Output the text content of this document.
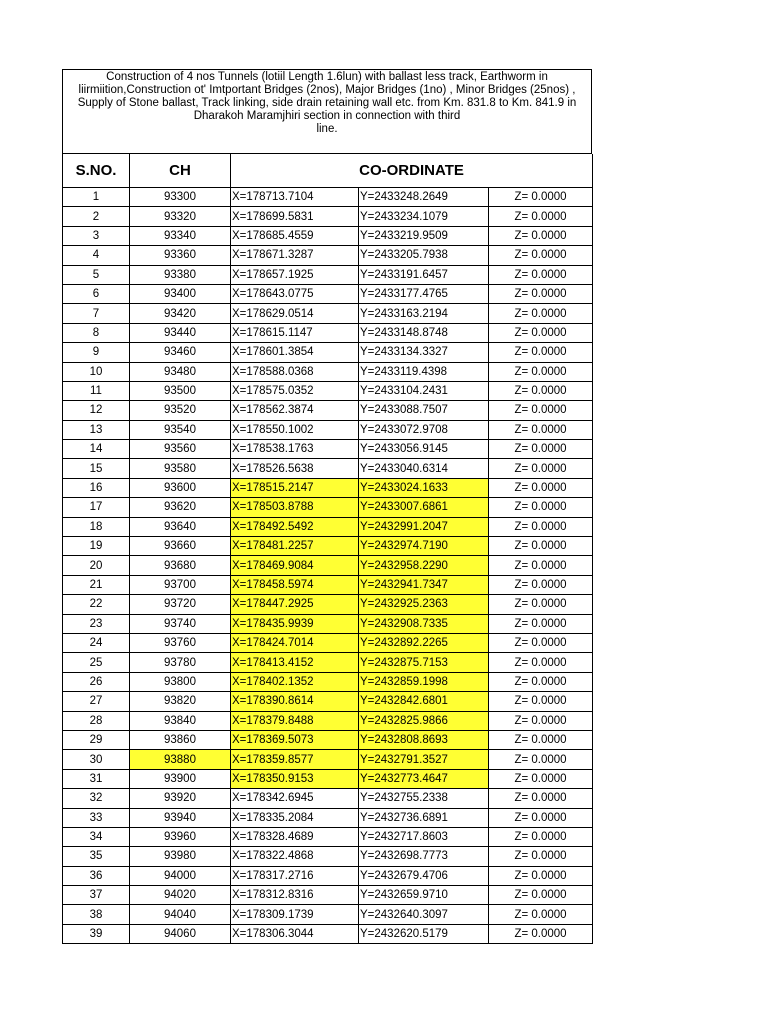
Construction of 4 nos Tunnels (lotiil Length 1.6lun) with ballast less track, Earthworm in
liirmiition,Construction ot' Imtportant Bridges (2nos), Major Bridges (1no) , Minor Bridges (25nos) ,
Supply of Stone ballast, Track linking, side drain retaining wall etc. from Km. 831.8 to Km. 841.9 in
Dharakoh Maramjhiri section in connection with third
line.
S.NO.	CH	CO-ORDINATE		
1	93300	X=178713.7104	Y=2433248.2649	Z= 0.0000
2	93320	X=178699.5831	Y=2433234.1079	Z= 0.0000
3	93340	X=178685.4559	Y=2433219.9509	Z= 0.0000
4	93360	X=178671.3287	Y=2433205.7938	Z= 0.0000
5	93380	X=178657.1925	Y=2433191.6457	Z= 0.0000
6	93400	X=178643.0775	Y=2433177.4765	Z= 0.0000
7	93420	X=178629.0514	Y=2433163.2194	Z= 0.0000
8	93440	X=178615.1147	Y=2433148.8748	Z= 0.0000
9	93460	X=178601.3854	Y=2433134.3327	Z= 0.0000
10	93480	X=178588.0368	Y=2433119.4398	Z= 0.0000
11	93500	X=178575.0352	Y=2433104.2431	Z= 0.0000
12	93520	X=178562.3874	Y=2433088.7507	Z= 0.0000
13	93540	X=178550.1002	Y=2433072.9708	Z= 0.0000
14	93560	X=178538.1763	Y=2433056.9145	Z= 0.0000
15	93580	X=178526.5638	Y=2433040.6314	Z= 0.0000
16	93600	X=178515.2147	Y=2433024.1633	Z= 0.0000
17	93620	X=178503.8788	Y=2433007.6861	Z= 0.0000
18	93640	X=178492.5492	Y=2432991.2047	Z= 0.0000
19	93660	X=178481.2257	Y=2432974.7190	Z= 0.0000
20	93680	X=178469.9084	Y=2432958.2290	Z= 0.0000
21	93700	X=178458.5974	Y=2432941.7347	Z= 0.0000
22	93720	X=178447.2925	Y=2432925.2363	Z= 0.0000
23	93740	X=178435.9939	Y=2432908.7335	Z= 0.0000
24	93760	X=178424.7014	Y=2432892.2265	Z= 0.0000
25	93780	X=178413.4152	Y=2432875.7153	Z= 0.0000
26	93800	X=178402.1352	Y=2432859.1998	Z= 0.0000
27	93820	X=178390.8614	Y=2432842.6801	Z= 0.0000
28	93840	X=178379.8488	Y=2432825.9866	Z= 0.0000
29	93860	X=178369.5073	Y=2432808.8693	Z= 0.0000
30	93880	X=178359.8577	Y=2432791.3527	Z= 0.0000
31	93900	X=178350.9153	Y=2432773.4647	Z= 0.0000
32	93920	X=178342.6945	Y=2432755.2338	Z= 0.0000
33	93940	X=178335.2084	Y=2432736.6891	Z= 0.0000
34	93960	X=178328.4689	Y=2432717.8603	Z= 0.0000
35	93980	X=178322.4868	Y=2432698.7773	Z= 0.0000
36	94000	X=178317.2716	Y=2432679.4706	Z= 0.0000
37	94020	X=178312.8316	Y=2432659.9710	Z= 0.0000
38	94040	X=178309.1739	Y=2432640.3097	Z= 0.0000
39	94060	X=178306.3044	Y=2432620.5179	Z= 0.0000
